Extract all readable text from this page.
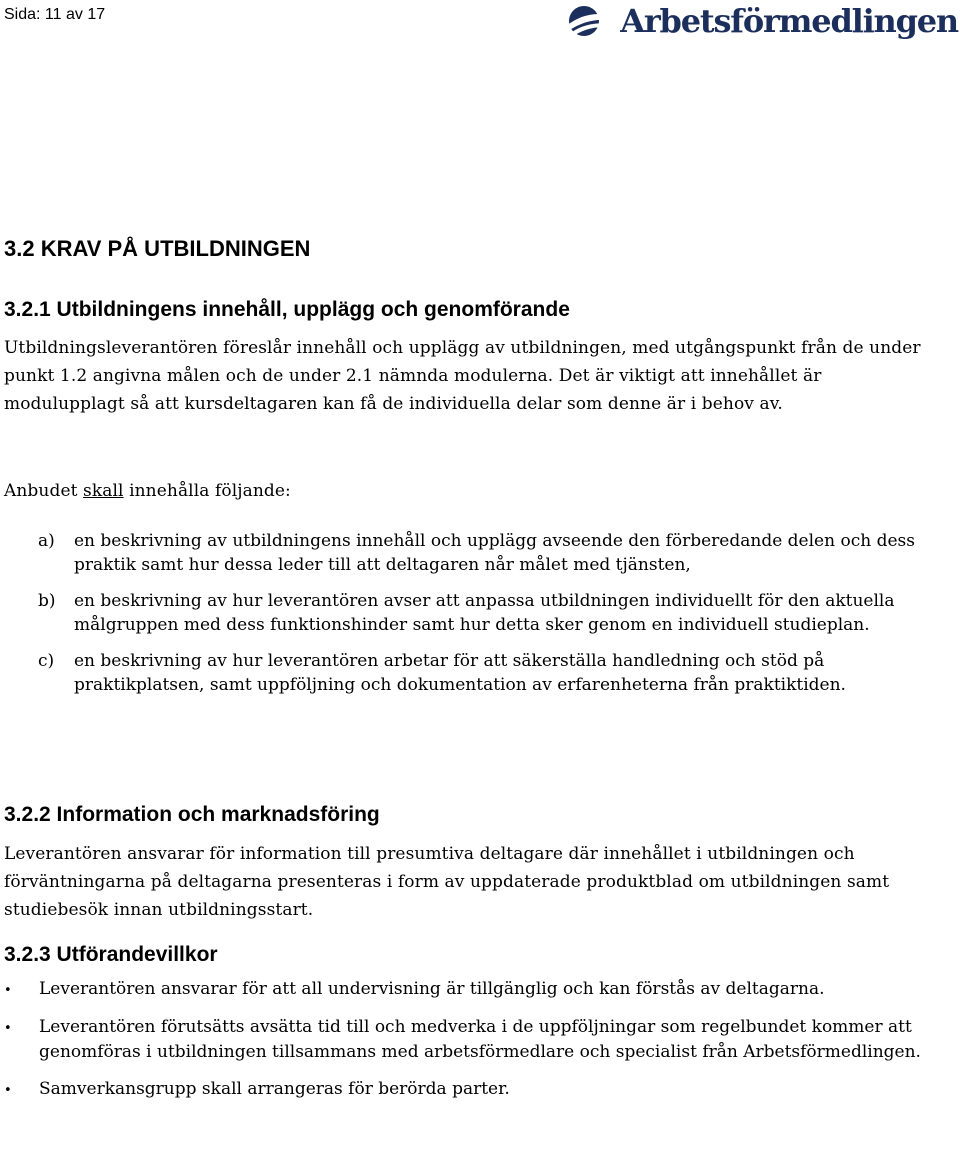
Sida: 11 av 17	Arbetsförmedlingen
3.2 KRAV PÅ UTBILDNINGEN
3.2.1 Utbildningens innehåll, upplägg och genomförande

Utbildningsleverantören föreslår innehåll och upplägg av utbildningen, med utgångspunkt från de under punkt 1.2 angivna målen och de under 2.1 nämnda modulerna. Det är viktigt att innehållet är modulupplagt så att kursdeltagaren kan få de individuella delar som denne är i behov av.

Anbudet skall innehålla följande:

a)	en beskrivning av utbildningens innehåll och upplägg avseende den förberedande delen och dess praktik samt hur dessa leder till att deltagaren når målet med tjänsten,
b)	en beskrivning av hur leverantören avser att anpassa utbildningen individuellt för den aktuella målgruppen med dess funktionshinder samt hur detta sker genom en individuell studieplan.
c)	en beskrivning av hur leverantören arbetar för att säkerställa handledning och stöd på praktikplatsen, samt uppföljning och dokumentation av erfarenheterna från praktiktiden.
3.2.2 Information och marknadsföring

Leverantören ansvarar för information till presumtiva deltagare där innehållet i utbildningen och förväntningarna på deltagarna presenteras i form av uppdaterade produktblad om utbildningen samt studiebesök innan utbildningsstart.

3.2.3 Utförandevillkor
•	Leverantören ansvarar för att all undervisning är tillgänglig och kan förstås av deltagarna.
•	Leverantören förutsätts avsätta tid till och medverka i de uppföljningar som regelbundet kommer att genomföras i utbildningen tillsammans med arbetsförmedlare och specialist från Arbetsförmedlingen.
•	Samverkansgrupp skall arrangeras för berörda parter.
